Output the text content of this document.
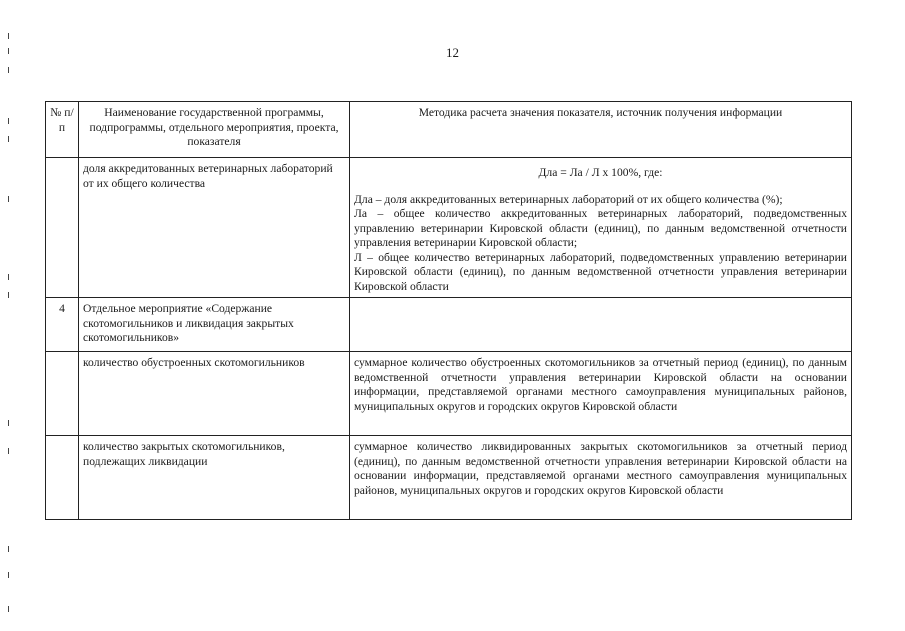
12
№ п/п	Наименование государственной программы, подпрограммы, отдельного мероприятия, проекта, показателя	Методика расчета значения показателя, источник получения информации
	доля аккредитованных ветеринарных лабораторий от их общего количества	Дла = Ла / Л х 100%, где:
Дла – доля аккредитованных ветеринарных лабораторий от их общего количества (%);
Ла – общее количество аккредитованных ветеринарных лабораторий, подведомственных управлению ветеринарии Кировской области (единиц), по данным ведомственной отчетности управления ветеринарии Кировской области;
Л – общее количество ветеринарных лабораторий, подведомственных управлению ветеринарии Кировской области (единиц), по данным ведомственной отчетности управления ветеринарии Кировской области

4	Отдельное мероприятие «Содержание скотомогильников и ликвидация закрытых скотомогильников»	
	количество обустроенных скотомогильников	суммарное количество обустроенных скотомогильников за отчетный период (единиц), по данным ведомственной отчетности управления ветеринарии Кировской области на основании информации, представляемой органами местного самоуправления муниципальных районов, муниципальных округов и городских округов Кировской области
	количество закрытых скотомогильников, подлежащих ликвидации	суммарное количество ликвидированных закрытых скотомогильников за отчетный период (единиц), по данным ведомственной отчетности управления ветеринарии Кировской области на основании информации, представляемой органами местного самоуправления муниципальных районов, муниципальных округов и городских округов Кировской области
